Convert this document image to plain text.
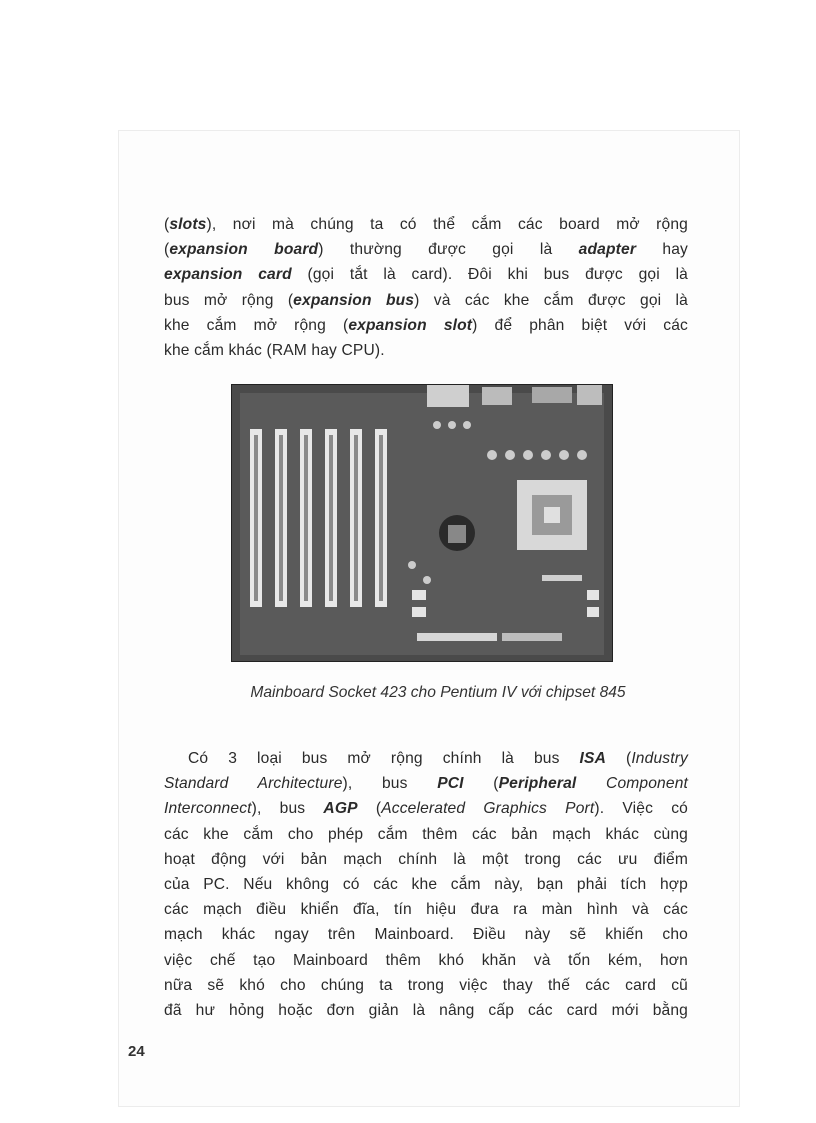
(slots), nơi mà chúng ta có thể cắm các board mở rộng
(expansion board) thường được gọi là adapter hay
expansion card (gọi tắt là card). Đôi khi bus được gọi là
bus mở rộng (expansion bus) và các khe cắm được gọi là
khe cắm mở rộng (expansion slot) để phân biệt với các
khe cắm khác (RAM hay CPU).
Mainboard Socket 423 cho Pentium IV với chipset 845
Có 3 loại bus mở rộng chính là bus ISA (Industry
Standard Architecture), bus PCI (Peripheral Component
Interconnect), bus AGP (Accelerated Graphics Port). Việc có
các khe cắm cho phép cắm thêm các bản mạch khác cùng
hoạt động với bản mạch chính là một trong các ưu điểm
của PC. Nếu không có các khe cắm này, bạn phải tích hợp
các mạch điều khiển đĩa, tín hiệu đưa ra màn hình và các
mạch khác ngay trên Mainboard. Điều này sẽ khiến cho
việc chế tạo Mainboard thêm khó khăn và tốn kém, hơn
nữa sẽ khó cho chúng ta trong việc thay thế các card cũ
đã hư hỏng hoặc đơn giản là nâng cấp các card mới bằng
24
